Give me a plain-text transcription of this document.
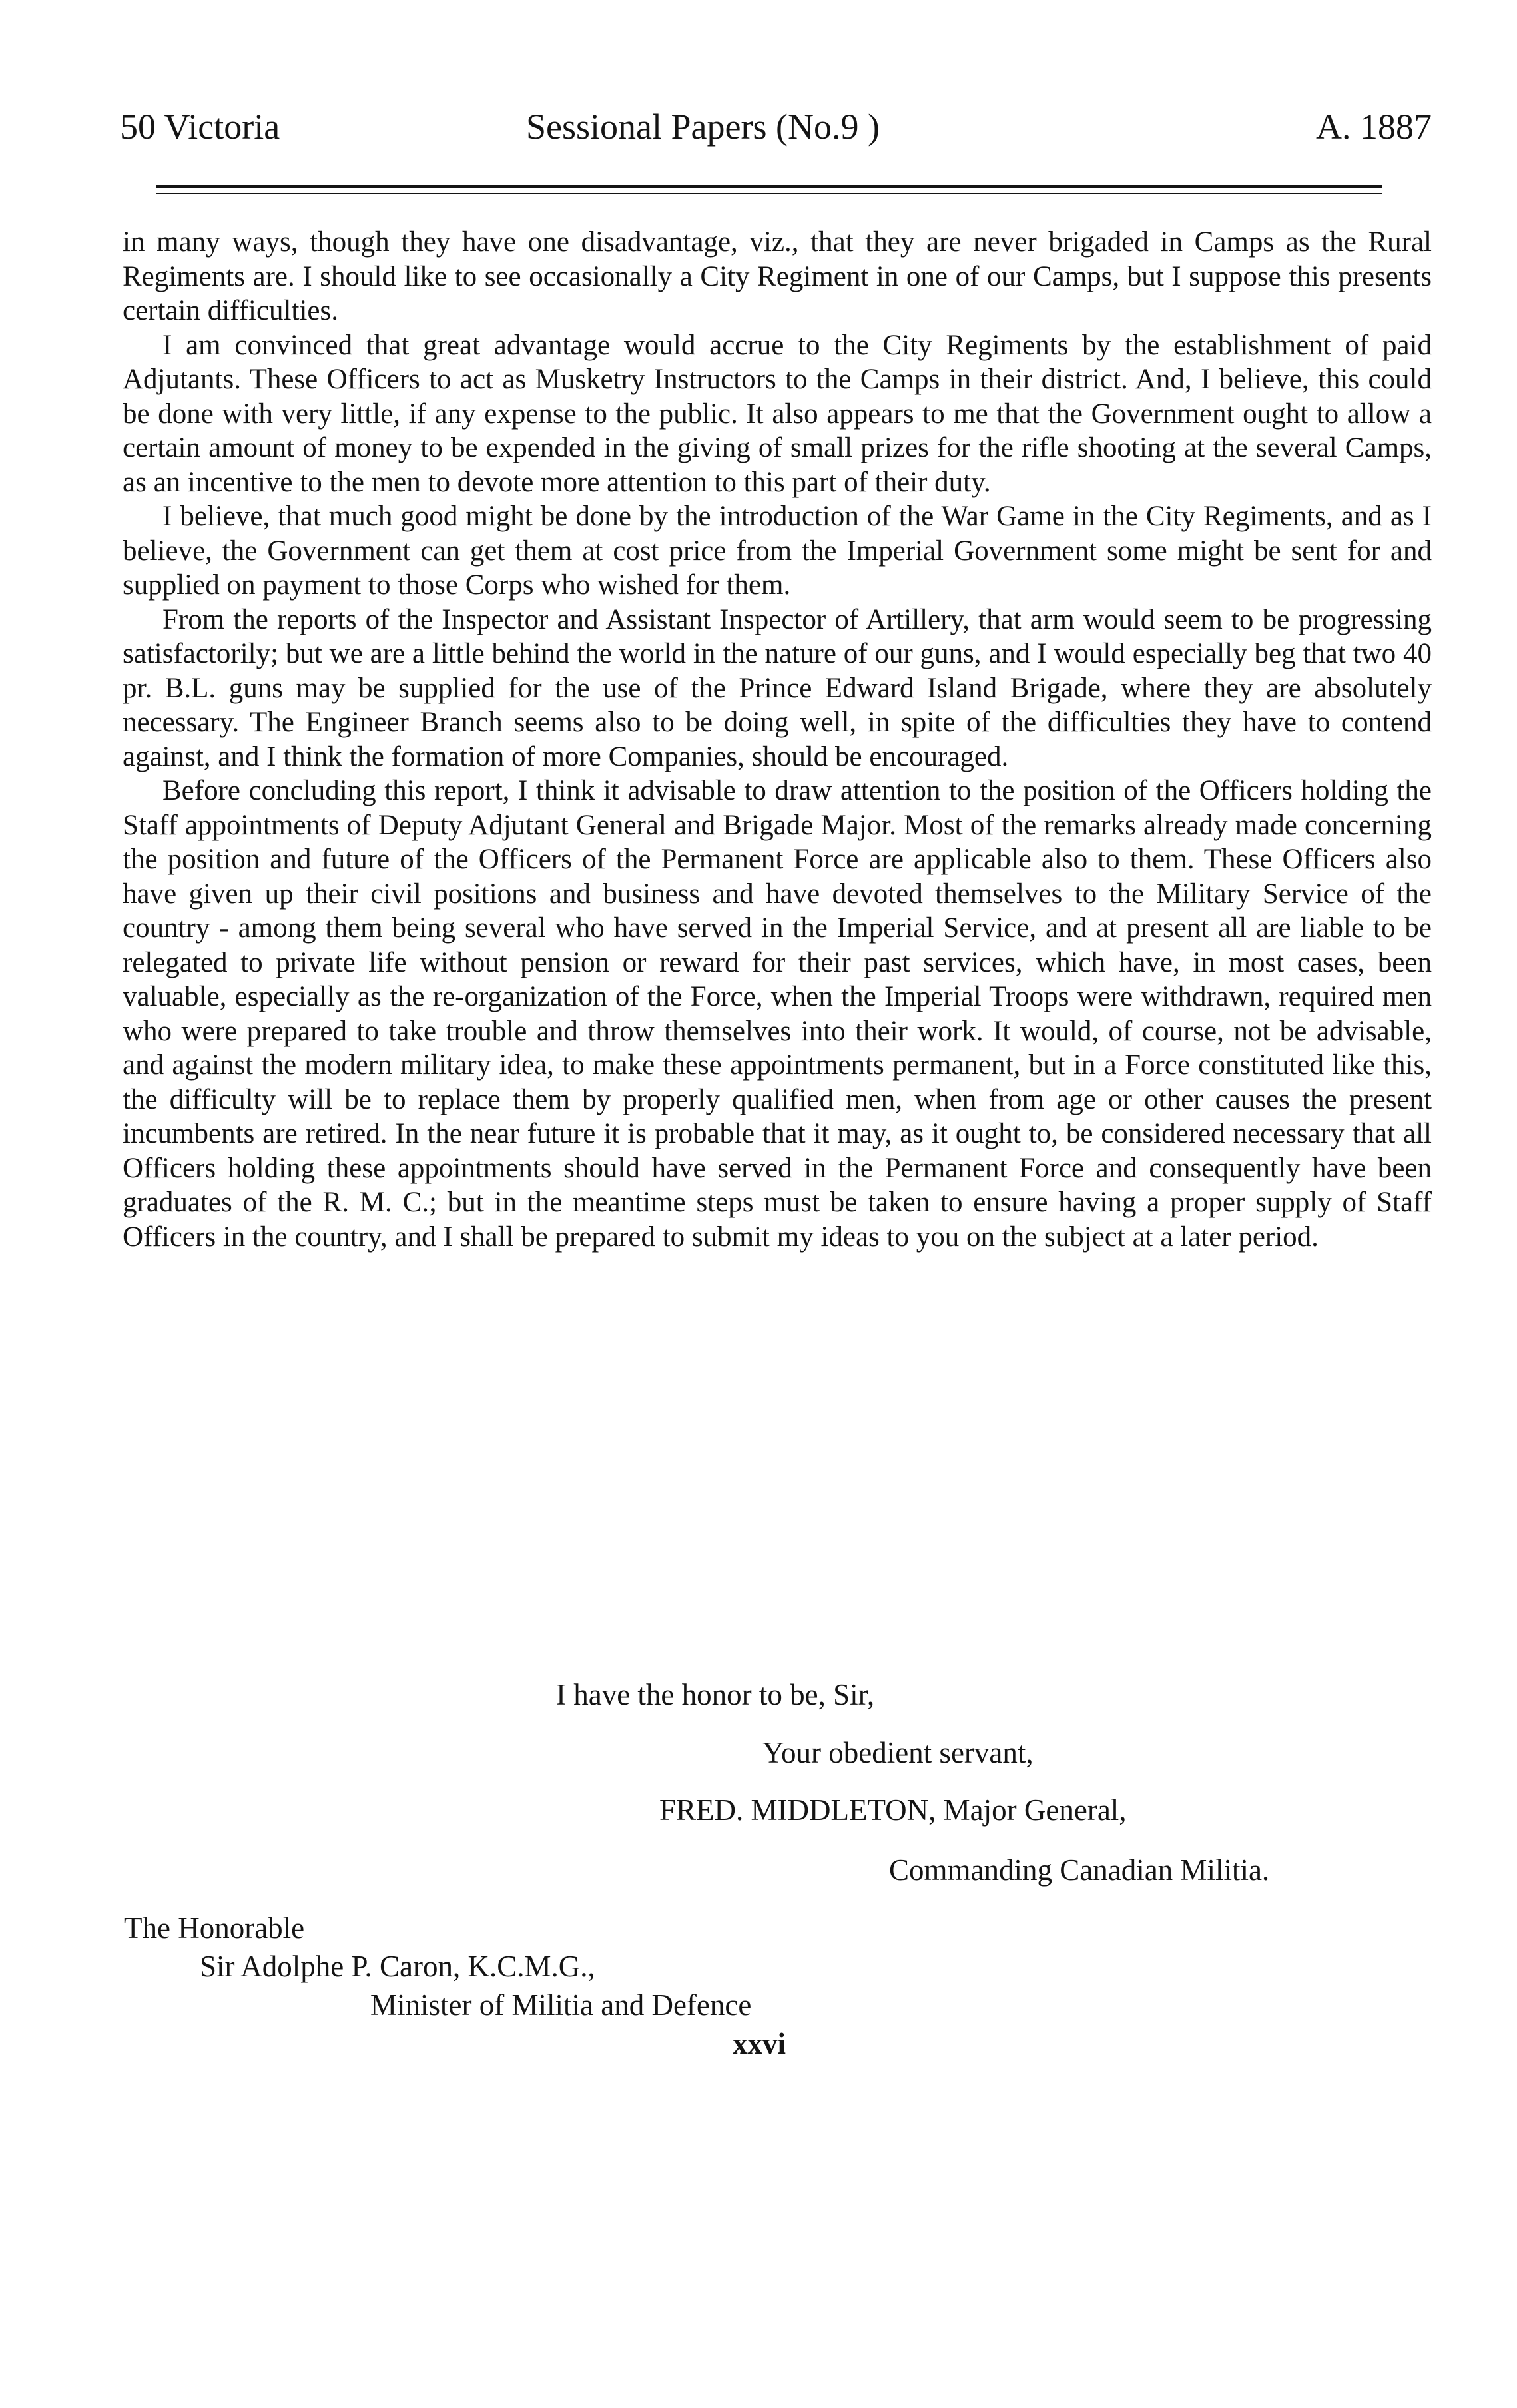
50 Victoria	Sessional Papers (No.9 )	A. 1887

in many ways, though they have one disadvantage, viz., that they are never brigaded in Camps as the Rural Regiments are. I should like to see occasionally a City Regiment in one of our Camps, but I suppose this presents certain difficulties.

I am convinced that great advantage would accrue to the City Regiments by the establishment of paid Adjutants. These Officers to act as Musketry Instructors to the Camps in their district. And, I believe, this could be done with very little, if any expense to the public. It also appears to me that the Government ought to allow a certain amount of money to be expended in the giving of small prizes for the rifle shooting at the several Camps, as an incentive to the men to devote more attention to this part of their duty.

I believe, that much good might be done by the introduction of the War Game in the City Regiments, and as I believe, the Government can get them at cost price from the Imperial Government some might be sent for and supplied on payment to those Corps who wished for them.

From the reports of the Inspector and Assistant Inspector of Artillery, that arm would seem to be progressing satisfactorily; but we are a little behind the world in the nature of our guns, and I would especially beg that two 40 pr. B.L. guns may be supplied for the use of the Prince Edward Island Brigade, where they are absolutely necessary. The Engineer Branch seems also to be doing well, in spite of the difficulties they have to contend against, and I think the formation of more Companies, should be encouraged.

Before concluding this report, I think it advisable to draw attention to the position of the Officers holding the Staff appointments of Deputy Adjutant General and Brigade Major. Most of the remarks already made concerning the position and future of the Officers of the Permanent Force are applicable also to them. These Officers also have given up their civil positions and business and have devoted themselves to the Military Service of the country - among them being several who have served in the Imperial Service, and at present all are liable to be relegated to private life without pension or reward for their past services, which have, in most cases, been valuable, especially as the re-organization of the Force, when the Imperial Troops were withdrawn, required men who were prepared to take trouble and throw themselves into their work. It would, of course, not be advisable, and against the modern military idea, to make these appointments permanent, but in a Force constituted like this, the difficulty will be to replace them by properly qualified men, when from age or other causes the present incumbents are retired. In the near future it is probable that it may, as it ought to, be considered necessary that all Officers holding these appointments should have served in the Permanent Force and consequently have been graduates of the R. M. C.; but in the meantime steps must be taken to ensure having a proper supply of Staff Officers in the country, and I shall be prepared to submit my ideas to you on the subject at a later period.

I have the honor to be, Sir,
Your obedient servant,
FRED. MIDDLETON, Major General,
Commanding Canadian Militia.
The Honorable
Sir Adolphe P. Caron, K.C.M.G.,
Minister of Militia and Defence
xxvi
